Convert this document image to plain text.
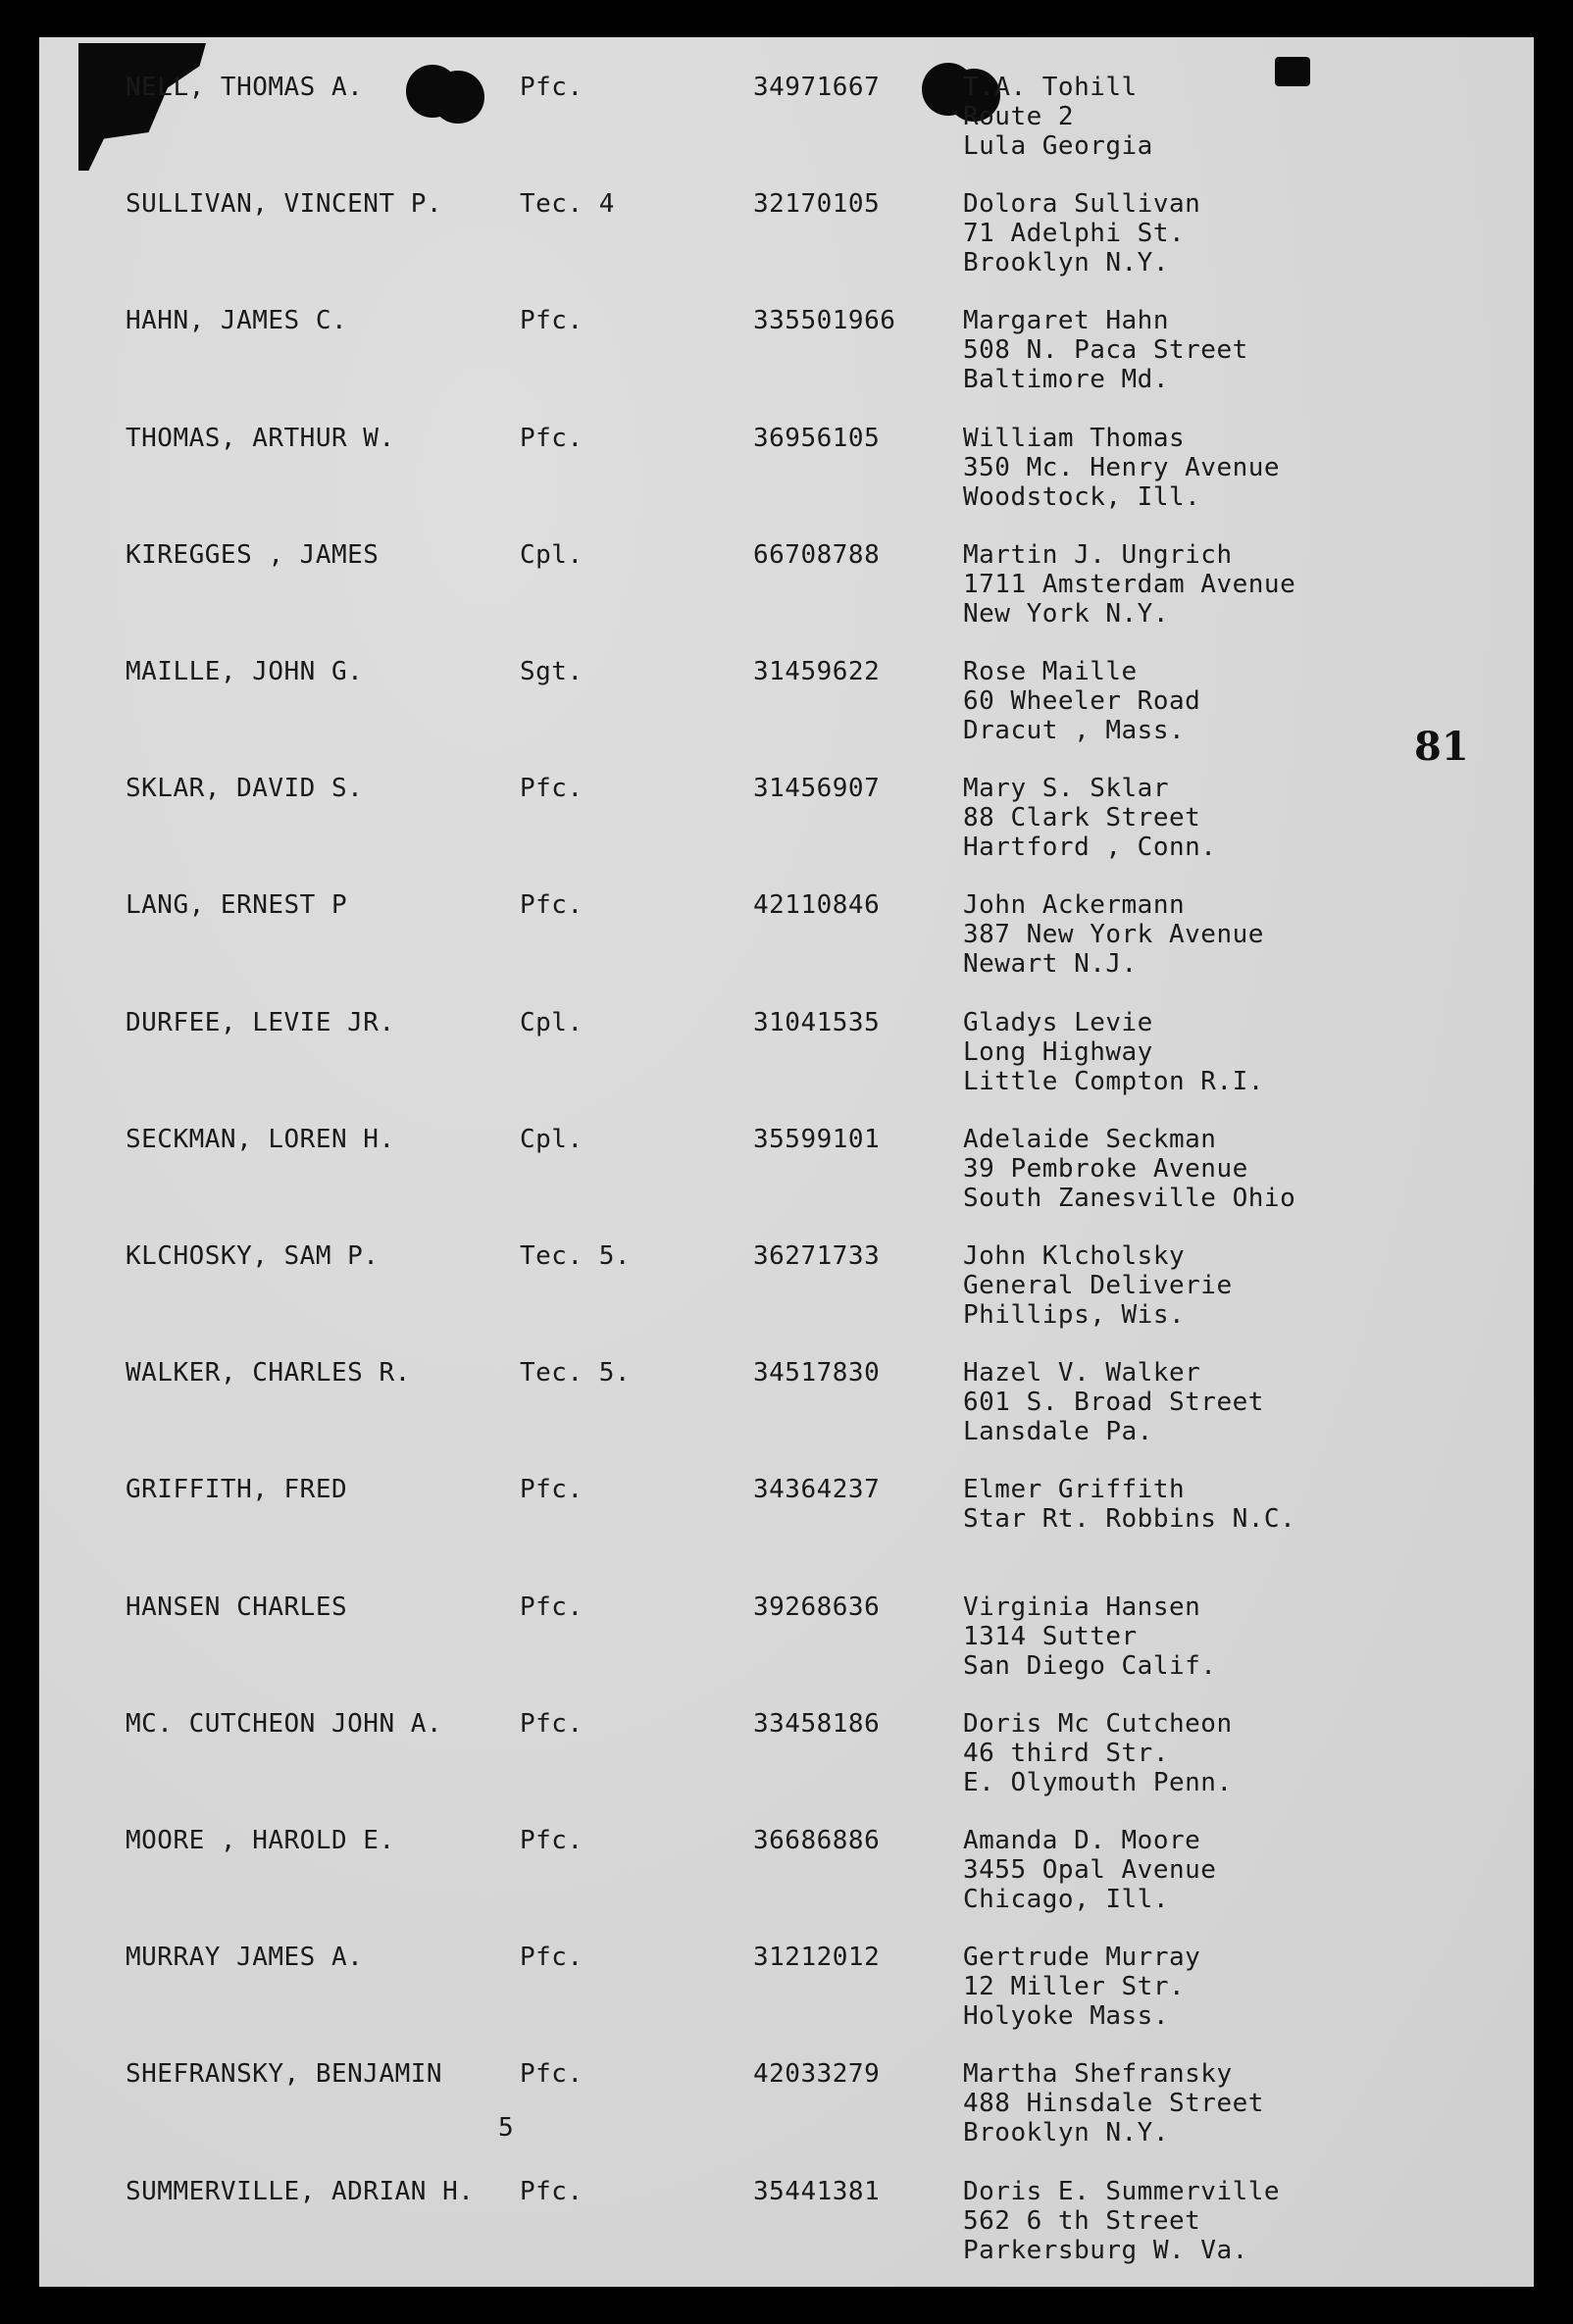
81
5
NELL, THOMAS A.	Pfc.	34971667	T.A. Tohill
Route 2
Lula Georgia
SULLIVAN, VINCENT P.	Tec. 4	32170105	Dolora Sullivan
71 Adelphi St.
Brooklyn N.Y.
HAHN, JAMES C.	Pfc.	335501966	Margaret Hahn
508 N. Paca Street
Baltimore Md.
THOMAS, ARTHUR W.	Pfc.	36956105	William Thomas
350 Mc. Henry Avenue
Woodstock, Ill.
KIREGGES , JAMES	Cpl.	66708788	Martin J. Ungrich
1711 Amsterdam Avenue
New York N.Y.
MAILLE, JOHN G.	Sgt.	31459622	Rose Maille
60 Wheeler Road
Dracut , Mass.
SKLAR, DAVID S.	Pfc.	31456907	Mary S. Sklar
88 Clark Street
Hartford , Conn.
LANG, ERNEST P	Pfc.	42110846	John Ackermann
387 New York Avenue
Newart N.J.
DURFEE, LEVIE JR.	Cpl.	31041535	Gladys Levie
Long Highway
Little Compton R.I.
SECKMAN, LOREN H.	Cpl.	35599101	Adelaide Seckman
39 Pembroke Avenue
South Zanesville Ohio
KLCHOSKY, SAM P.	Tec. 5.	36271733	John Klcholsky
General Deliverie
Phillips, Wis.
WALKER, CHARLES R.	Tec. 5.	34517830	Hazel V. Walker
601 S. Broad Street
Lansdale Pa.
GRIFFITH, FRED	Pfc.	34364237	Elmer Griffith
Star Rt. Robbins N.C.
HANSEN CHARLES	Pfc.	39268636	Virginia Hansen
1314 Sutter
San Diego Calif.
MC. CUTCHEON JOHN A.	Pfc.	33458186	Doris Mc Cutcheon
46 third Str.
E. Olymouth Penn.
MOORE , HAROLD E.	Pfc.	36686886	Amanda D. Moore
3455 Opal Avenue
Chicago, Ill.
MURRAY JAMES A.	Pfc.	31212012	Gertrude Murray
12 Miller Str.
Holyoke Mass.
SHEFRANSKY, BENJAMIN	Pfc.	42033279	Martha Shefransky
488 Hinsdale Street
Brooklyn N.Y.
SUMMERVILLE, ADRIAN H. Pfc.	35441381	Doris E. Summerville
562 6 th Street
Parkersburg W. Va.
